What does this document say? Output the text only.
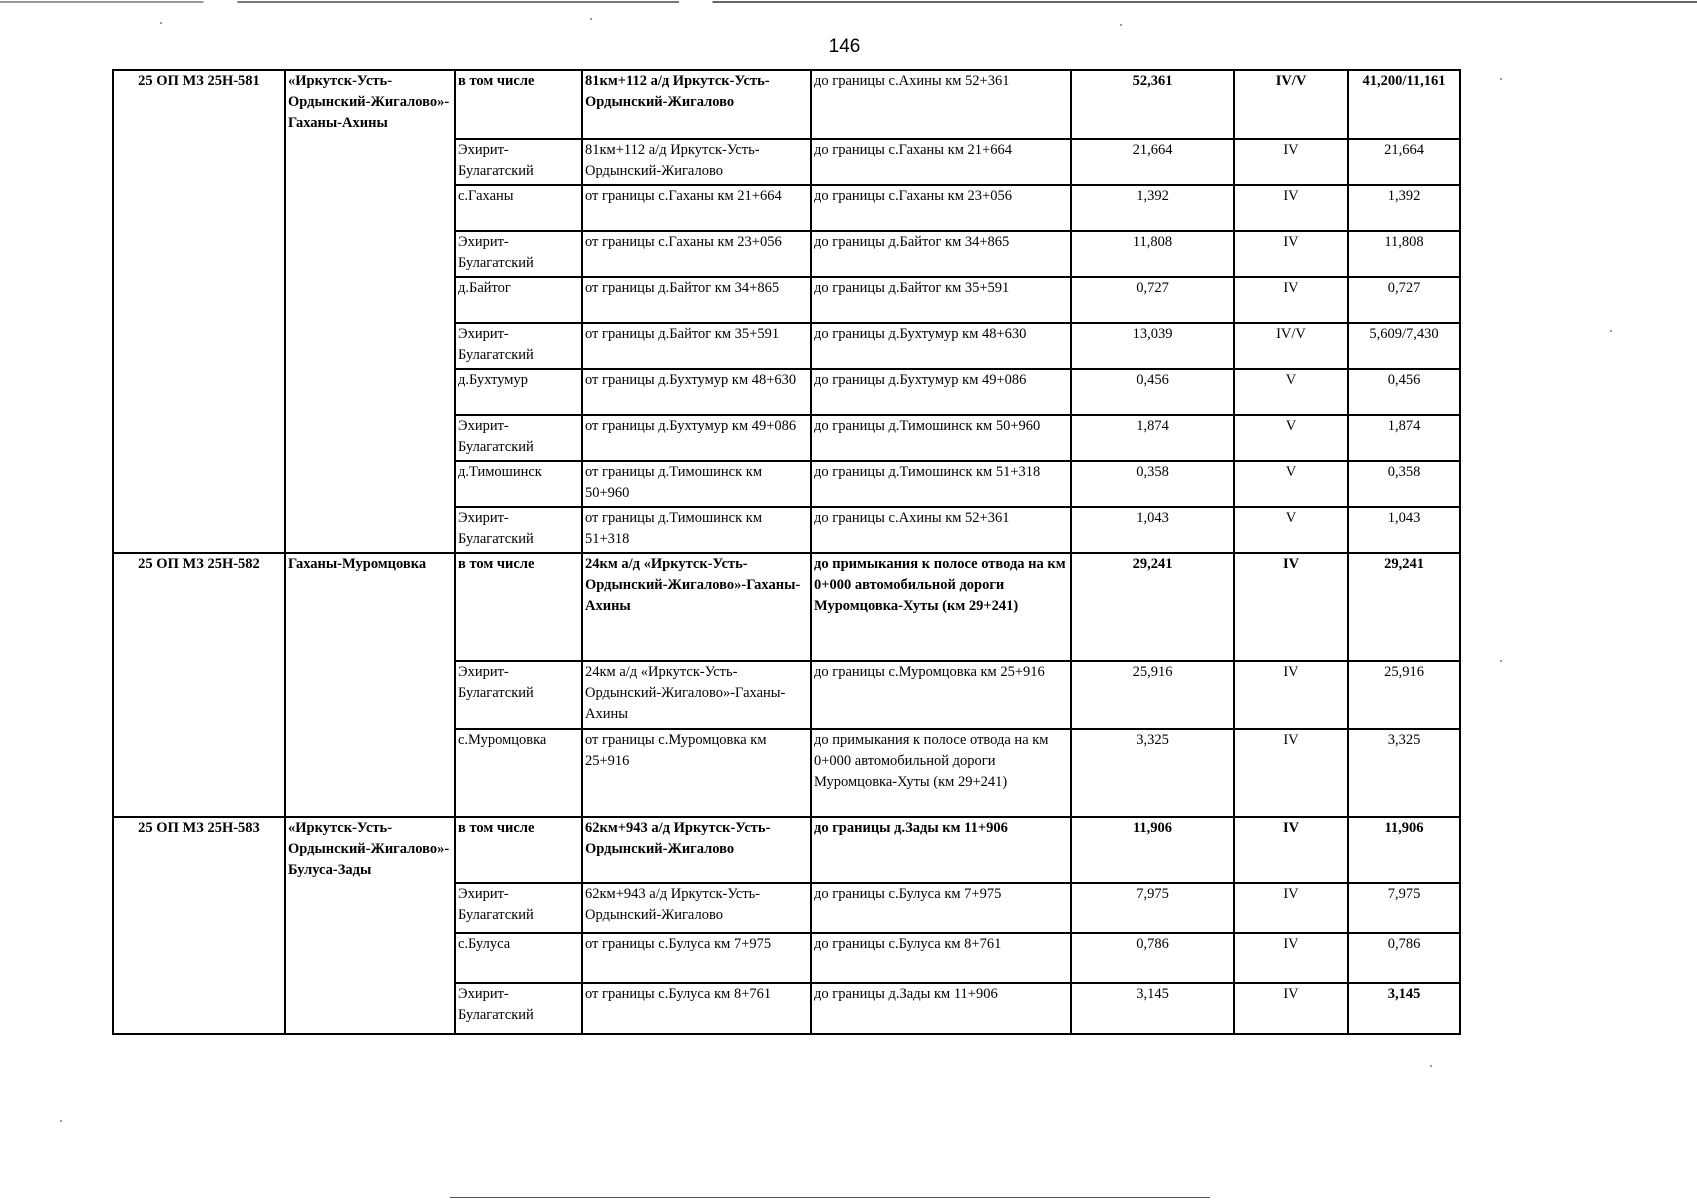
146
25 ОП МЗ 25Н-581	«Иркутск-Усть-Ордынский-Жигалово»-Гаханы-Ахины	в том числе	81км+112 а/д Иркутск-Усть-Ордынский-Жигалово	до границы с.Ахины км 52+361	52,361	IV/V	41,200/11,161
		Эхирит-Булагатский	81км+112 а/д Иркутск-Усть-Ордынский-Жигалово	до границы с.Гаханы км 21+664	21,664	IV	21,664
		с.Гаханы	от границы с.Гаханы км 21+664	до границы с.Гаханы км 23+056	1,392	IV	1,392
		Эхирит-Булагатский	от границы с.Гаханы км 23+056	до границы д.Байтог км 34+865	11,808	IV	11,808
		д.Байтог	от границы д.Байтог км 34+865	до границы д.Байтог км 35+591	0,727	IV	0,727
		Эхирит-Булагатский	от границы д.Байтог км 35+591	до границы д.Бухтумур км 48+630	13,039	IV/V	5,609/7,430
		д.Бухтумур	от границы д.Бухтумур км 48+630	до границы д.Бухтумур км 49+086	0,456	V	0,456
		Эхирит-Булагатский	от границы д.Бухтумур км 49+086	до границы д.Тимошинск км 50+960	1,874	V	1,874
		д.Тимошинск	от границы д.Тимошинск км 50+960	до границы д.Тимошинск км 51+318	0,358	V	0,358
		Эхирит-Булагатский	от границы д.Тимошинск км 51+318	до границы с.Ахины км 52+361	1,043	V	1,043
25 ОП МЗ 25Н-582	Гаханы-Муромцовка	в том числе	24км а/д «Иркутск-Усть-Ордынский-Жигалово»-Гаханы-Ахины	до примыкания к полосе отвода на км 0+000 автомобильной дороги Муромцовка-Хуты (км 29+241)	29,241	IV	29,241
		Эхирит-Булагатский	24км а/д «Иркутск-Усть-Ордынский-Жигалово»-Гаханы-Ахины	до границы с.Муромцовка км 25+916	25,916	IV	25,916
		с.Муромцовка	от границы с.Муромцовка км 25+916	до примыкания к полосе отвода на км 0+000 автомобильной дороги Муромцовка-Хуты (км 29+241)	3,325	IV	3,325
25 ОП МЗ 25Н-583	«Иркутск-Усть-Ордынский-Жигалово»-Булуса-Зады	в том числе	62км+943 а/д Иркутск-Усть-Ордынский-Жигалово	до границы д.Зады км 11+906	11,906	IV	11,906
		Эхирит-Булагатский	62км+943 а/д Иркутск-Усть-Ордынский-Жигалово	до границы с.Булуса км 7+975	7,975	IV	7,975
		с.Булуса	от границы с.Булуса км 7+975	до границы с.Булуса км 8+761	0,786	IV	0,786
		Эхирит-Булагатский	от границы с.Булуса км 8+761	до границы д.Зады км 11+906	3,145	IV	3,145
